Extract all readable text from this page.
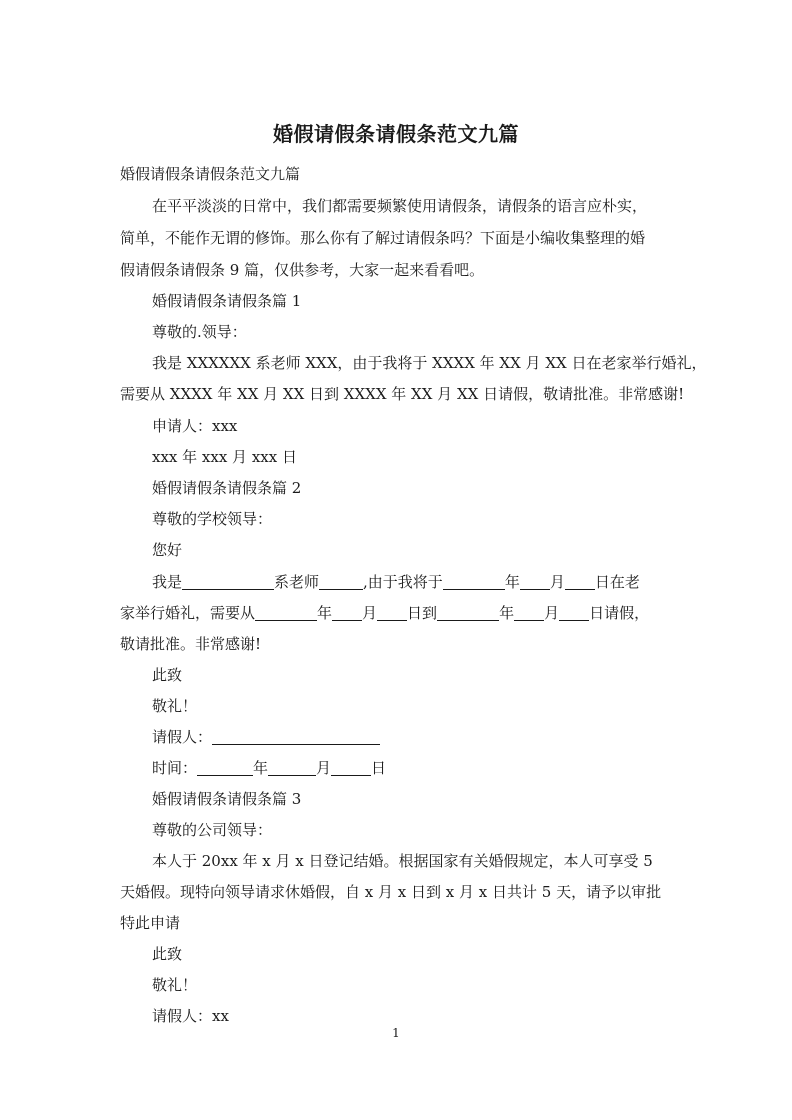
婚假请假条请假条范文九篇
婚假请假条请假条范文九篇
在平平淡淡的日常中，我们都需要频繁使用请假条，请假条的语言应朴实，
简单，不能作无谓的修饰。那么你有了解过请假条吗？下面是小编收集整理的婚
假请假条请假条 9 篇，仅供参考，大家一起来看看吧。
婚假请假条请假条篇 1
尊敬的.领导：
我是 XXXXXX 系老师 XXX，由于我将于 XXXX 年 XX 月 XX 日在老家举行婚礼，
需要从 XXXX 年 XX 月 XX 日到 XXXX 年 XX 月 XX 日请假，敬请批准。非常感谢!
申请人：xxx
xxx 年 xxx 月 xxx 日
婚假请假条请假条篇 2
尊敬的学校领导：
您好
我是	系老师	,由于我将于	年 月 日在老
家举行婚礼，需要从	年 月 日到	年 月 日请假，
敬请批准。非常感谢!
此致
敬礼！
请假人：
时间：	年	月	日
婚假请假条请假条篇 3
尊敬的公司领导：
本人于 20xx 年 x 月 x 日登记结婚。根据国家有关婚假规定，本人可享受 5
天婚假。现特向领导请求休婚假，自 x 月 x 日到 x 月 x 日共计 5 天，请予以审批
特此申请
此致
敬礼！
请假人：xx
1
